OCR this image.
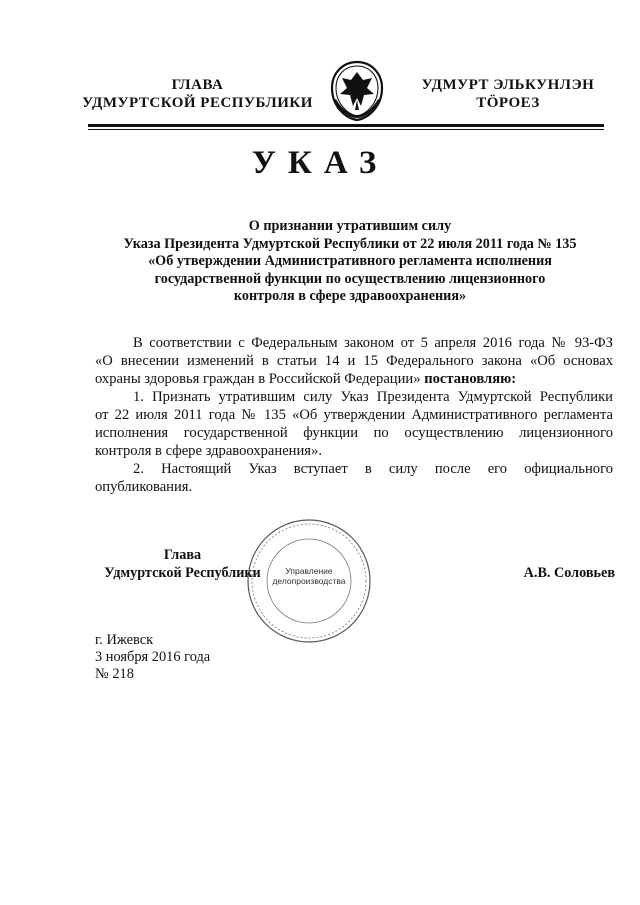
ГЛАВА
УДМУРТСКОЙ РЕСПУБЛИКИ
УДМУРТ ЭЛЬКУНЛЭН
ТӦРОЕЗ
УКАЗ
О признании утратившим силу
Указа Президента Удмуртской Республики от 22 июля 2011 года № 135
«Об утверждении Административного регламента исполнения
государственной функции по осуществлению лицензионного
контроля в сфере здравоохранения»
В соответствии с Федеральным законом от 5 апреля 2016 года № 93-ФЗ
«О внесении изменений в статьи 14 и 15 Федерального закона «Об основах
охраны здоровья граждан в Российской Федерации» постановляю:
1. Признать утратившим силу Указ Президента Удмуртской Республики
от 22 июля 2011 года № 135 «Об утверждении Административного регламента
исполнения государственной функции по осуществлению лицензионного
контроля в сфере здравоохранения».
2. Настоящий Указ вступает в силу после его официального
опубликования.
Управление
делопроизводства
Глава
Удмуртской Республики	А.В. Соловьев
г. Ижевск
3 ноября 2016 года
№ 218
